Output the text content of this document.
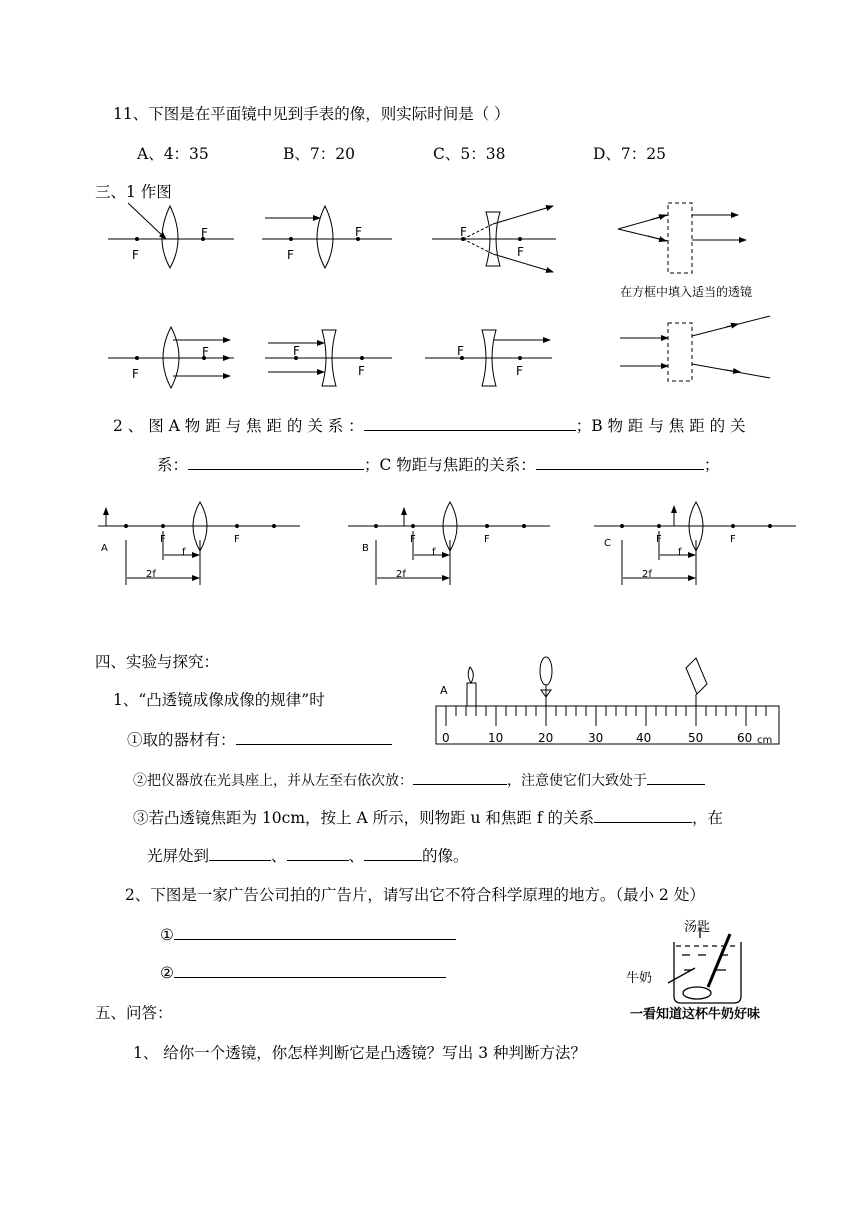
11、下图是在平面镜中见到手表的像，则实际时间是（ ）
A、4：35	B、7：20	C、5：38	D、7：25
三、1 作图
F
F
F
F	F
F
在方框中填入适当的透镜
F
F	F
F
F
F
2 、 图 A 物 距 与 焦 距 的 关 系 ：	；B 物 距 与 焦 距 的 关
系：	；C 物距与焦距的关系：	；
A
F	F
f
2f
B
F	F
f
2f
C	F	F
f
2f
四、实验与探究：
1、“凸透镜成像成像的规律”时
①取的器材有：
A
0	10	20	30	40	50	60 cm
②把仪器放在光具座上，并从左至右依次放：	，注意使它们大致处于
③若凸透镜焦距为 10cm，按上 A 所示，则物距 u 和焦距 f 的关系	，在
光屏处到	、	、	的像。
2、下图是一家广告公司拍的广告片，请写出它不符合科学原理的地方。（最小 2 处）
①
②
汤匙
牛奶
一看知道这杯牛奶好味
五、问答：
1、 给你一个透镜，你怎样判断它是凸透镜？写出 3 种判断方法？
